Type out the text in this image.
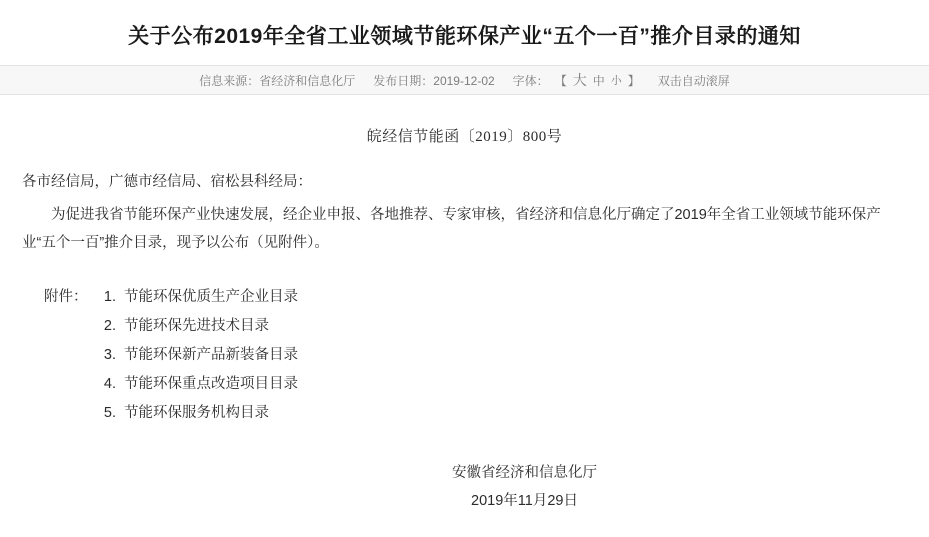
关于公布2019年全省工业领域节能环保产业“五个一百”推介目录的通知
信息来源：省经济和信息化厅 发布日期：2019-12-02 字体： 【 大 中 小 】 双击自动滚屏
皖经信节能函〔2019〕800号
各市经信局，广德市经信局、宿松县科经局：
为促进我省节能环保产业快速发展，经企业申报、各地推荐、专家审核，省经济和信息化厅确定了2019年全省工业领域节能环保产业“五个一百”推介目录，现予以公布（见附件）。
附件：	1. 节能环保优质生产企业目录
2. 节能环保先进技术目录
3. 节能环保新产品新装备目录
4. 节能环保重点改造项目目录
5. 节能环保服务机构目录
安徽省经济和信息化厅
2019年11月29日
